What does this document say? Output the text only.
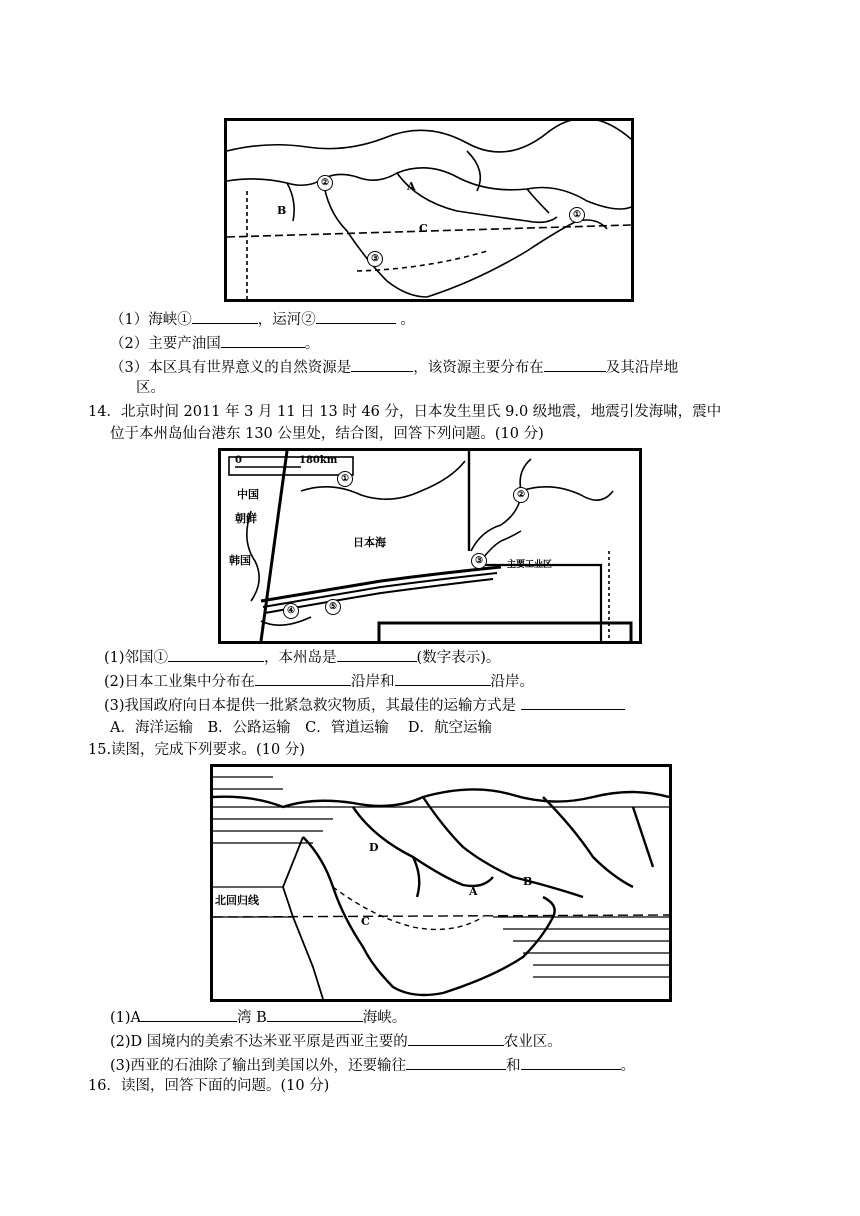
B
C
A
②
①
③
（1）海峡①	，运河②	。
（2）主要产油国	。
（3）本区具有世界意义的自然资源是	，该资源主要分布在	及其沿岸地
区。
14．北京时间 2011 年 3 月 11 日 13 时 46 分，日本发生里氏 9.0 级地震，地震引发海啸，震中
位于本州岛仙台港东 130 公里处，结合图，回答下列问题。(10 分)
0	180km
中国
朝鲜
韩国
日本海
主要工业区
①
②
③
④	⑤
(1)邻国①	，本州岛是	(数字表示)。
(2)日本工业集中分布在	沿岸和	沿岸。
(3)我国政府向日本提供一批紧急救灾物质，其最佳的运输方式是
A．海洋运输　B．公路运输　C．管道运输　 D．航空运输
15.读图，完成下列要求。(10 分)
北回归线
A
B
C
D
(1)A	湾 B	海峡。
(2)D 国境内的美索不达米亚平原是西亚主要的	农业区。
(3)西亚的石油除了输出到美国以外，还要输往	和	。
16．读图，回答下面的问题。(10 分)
